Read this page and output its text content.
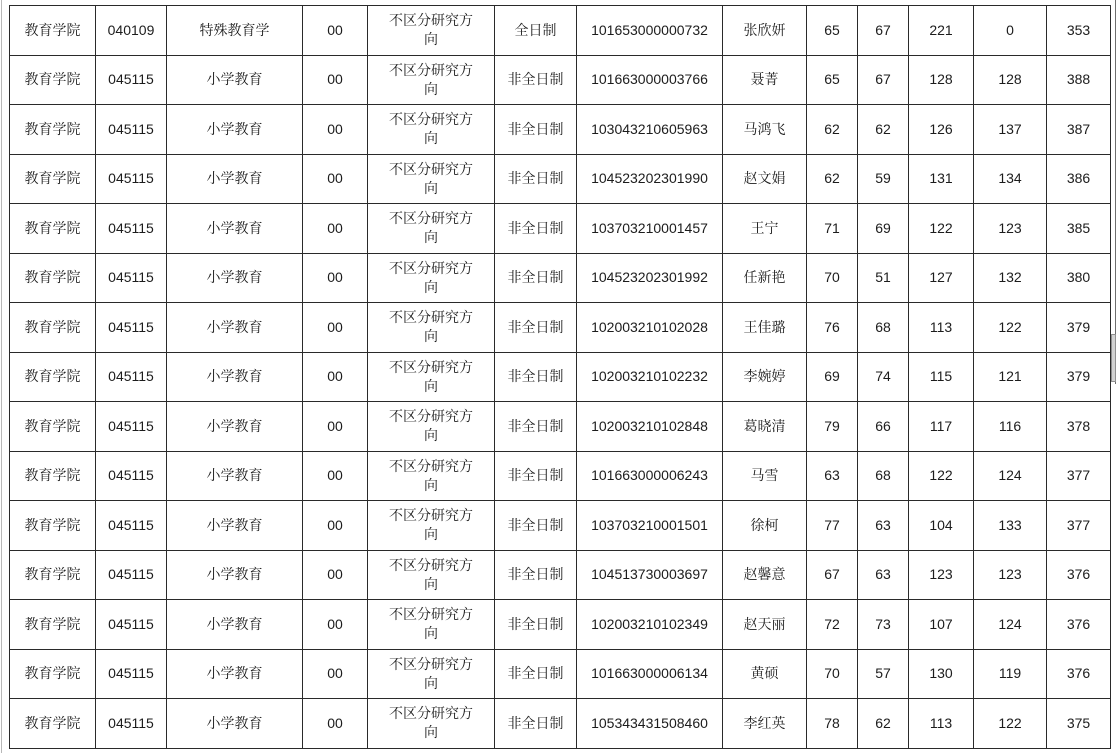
教育学院	040109	特殊教育学	00	不区分研究方向	全日制	101653000000732	张欣妍	65	67	221	0	353
教育学院	045115	小学教育	00	不区分研究方向	非全日制	101663000003766	聂菁	65	67	128	128	388
教育学院	045115	小学教育	00	不区分研究方向	非全日制	103043210605963	马鸿飞	62	62	126	137	387
教育学院	045115	小学教育	00	不区分研究方向	非全日制	104523202301990	赵文娟	62	59	131	134	386
教育学院	045115	小学教育	00	不区分研究方向	非全日制	103703210001457	王宁	71	69	122	123	385
教育学院	045115	小学教育	00	不区分研究方向	非全日制	104523202301992	任新艳	70	51	127	132	380
教育学院	045115	小学教育	00	不区分研究方向	非全日制	102003210102028	王佳璐	76	68	113	122	379
教育学院	045115	小学教育	00	不区分研究方向	非全日制	102003210102232	李婉婷	69	74	115	121	379
教育学院	045115	小学教育	00	不区分研究方向	非全日制	102003210102848	葛晓清	79	66	117	116	378
教育学院	045115	小学教育	00	不区分研究方向	非全日制	101663000006243	马雪	63	68	122	124	377
教育学院	045115	小学教育	00	不区分研究方向	非全日制	103703210001501	徐柯	77	63	104	133	377
教育学院	045115	小学教育	00	不区分研究方向	非全日制	104513730003697	赵馨意	67	63	123	123	376
教育学院	045115	小学教育	00	不区分研究方向	非全日制	102003210102349	赵天丽	72	73	107	124	376
教育学院	045115	小学教育	00	不区分研究方向	非全日制	101663000006134	黄硕	70	57	130	119	376
教育学院	045115	小学教育	00	不区分研究方向	非全日制	105343431508460	李红英	78	62	113	122	375
